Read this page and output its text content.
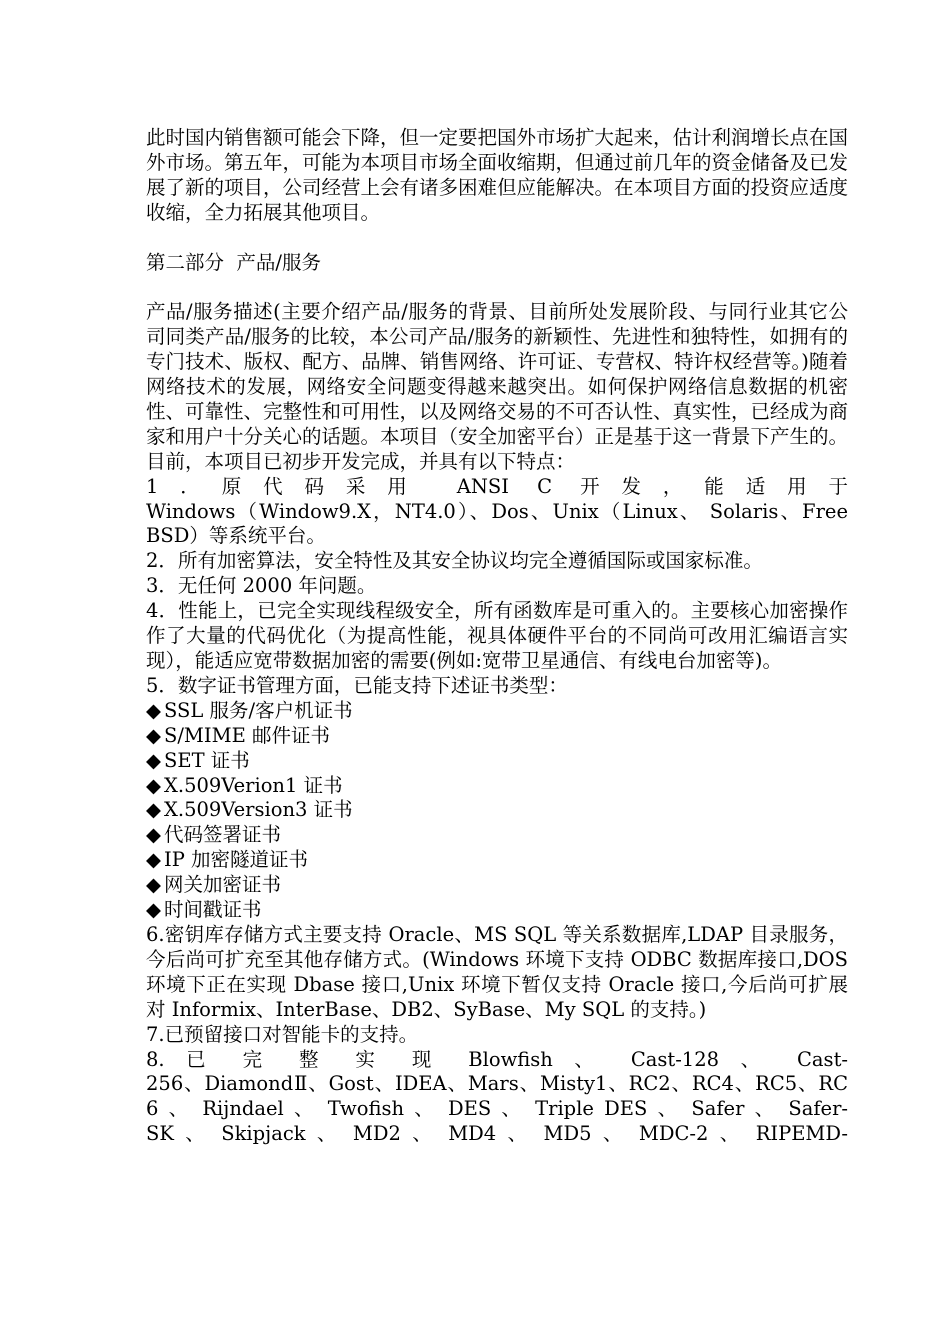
此时国内销售额可能会下降，但一定要把国外市场扩大起来，估计利润增长点在国外市场。第五年，可能为本项目市场全面收缩期，但通过前几年的资金储备及已发展了新的项目，公司经营上会有诸多困难但应能解决。在本项目方面的投资应适度收缩，全力拓展其他项目。

第二部分  产品/服务

产品/服务描述(主要介绍产品/服务的背景、目前所处发展阶段、与同行业其它公司同类产品/服务的比较，本公司产品/服务的新颖性、先进性和独特性，如拥有的专门技术、版权、配方、品牌、销售网络、许可证、专营权、特许权经营等。)随着网络技术的发展，网络安全问题变得越来越突出。如何保护网络信息数据的机密性、可靠性、完整性和可用性，以及网络交易的不可否认性、真实性，已经成为商家和用户十分关心的话题。本项目（安全加密平台）正是基于这一背景下产生的。

目前，本项目已初步开发完成，并具有以下特点：

1．原代码采用 ANSI C 开发，能适用于

Windows（Window9.X，NT4.0）、Dos、Unix（Linux、 Solaris、Free

BSD）等系统平台。

2．所有加密算法，安全特性及其安全协议均完全遵循国际或国家标准。

3．无任何 2000 年问题。

4．性能上，已完全实现线程级安全，所有函数库是可重入的。主要核心加密操作作了大量的代码优化（为提高性能，视具体硬件平台的不同尚可改用汇编语言实现），能适应宽带数据加密的需要(例如:宽带卫星通信、有线电台加密等)。

5．数字证书管理方面，已能支持下述证书类型：

◆ SSL 服务/客户机证书

◆ S/MIME 邮件证书

◆ SET 证书

◆ X.509Verion1 证书

◆ X.509Version3 证书

◆ 代码签署证书

◆ IP 加密隧道证书

◆ 网关加密证书

◆ 时间戳证书

6.密钥库存储方式主要支持 Oracle、MS SQL 等关系数据库,LDAP 目录服务，今后尚可扩充至其他存储方式。(Windows 环境下支持 ODBC 数据库接口,DOS 环境下正在实现 Dbase 接口,Unix 环境下暂仅支持 Oracle 接口,今后尚可扩展对 Informix、InterBase、DB2、SyBase、My SQL 的支持。)

7.已预留接口对智能卡的支持。

8. 已 完 整 实 现 Blowfish 、 Cast-128 、 Cast-

256、DiamondⅡ、Gost、IDEA、Mars、Misty1、RC2、RC4、RC5、RC

6 、 Rijndael 、 Twofish 、 DES 、 Triple DES 、 Safer 、 Safer-

SK 、 Skipjack 、 MD2 、 MD4 、 MD5 、 MDC-2 、 RIPEMD-
